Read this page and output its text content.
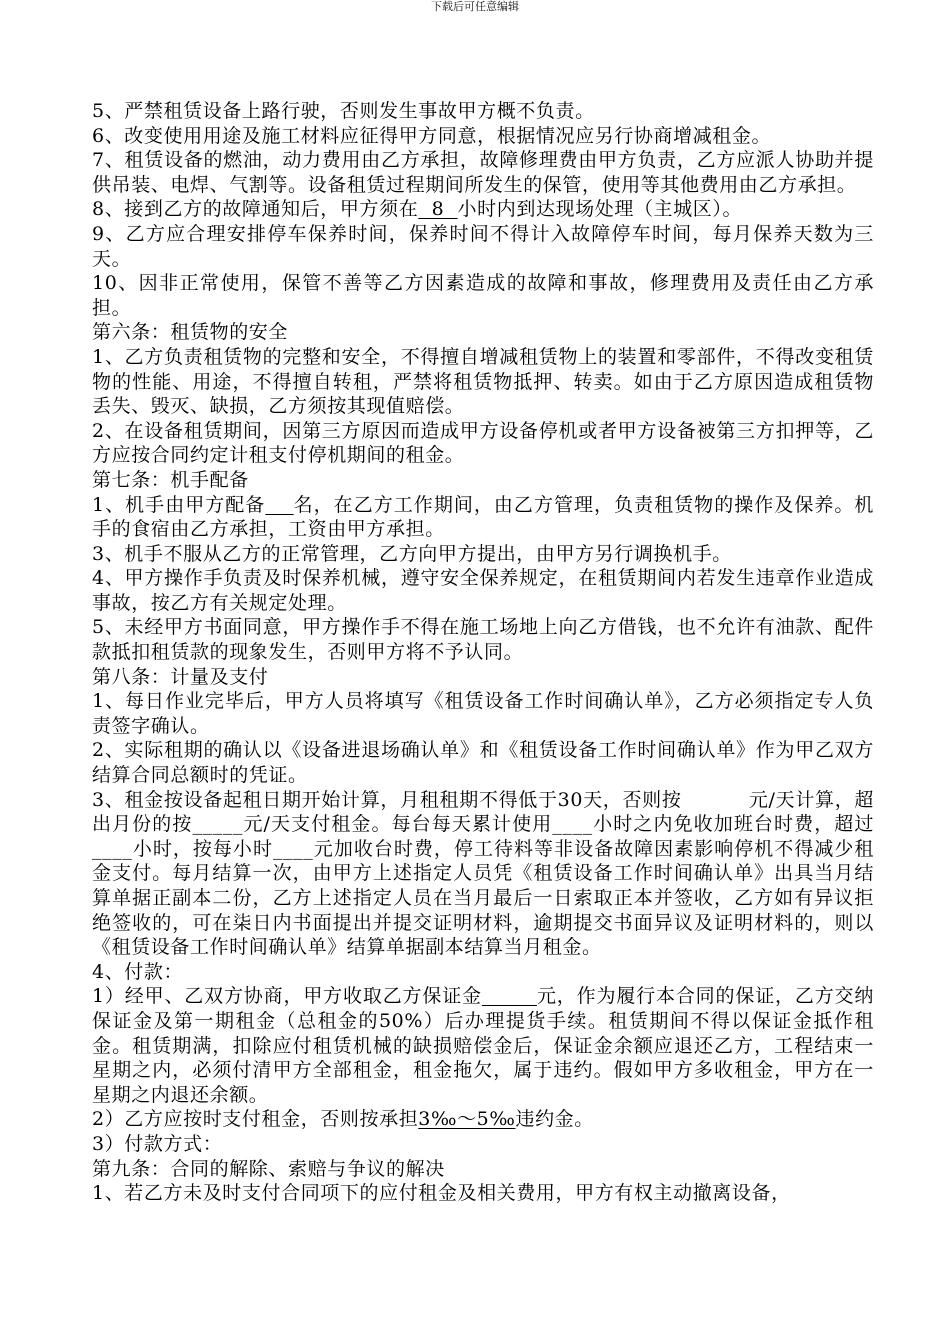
下载后可任意编辑

5、严禁租赁设备上路行驶，否则发生事故甲方概不负责。

6、改变使用用途及施工材料应征得甲方同意，根据情况应另行协商增减租金。

7、租赁设备的燃油，动力费用由乙方承担，故障修理费由甲方负责，乙方应派人协助并提供吊装、电焊、气割等。设备租赁过程期间所发生的保管，使用等其他费用由乙方承担。

8、接到乙方的故障通知后，甲方须在  8  小时内到达现场处理（主城区）。

9、乙方应合理安排停车保养时间，保养时间不得计入故障停车时间，每月保养天数为三天。

10、因非正常使用，保管不善等乙方因素造成的故障和事故，修理费用及责任由乙方承担。

第六条：租赁物的安全

1、乙方负责租赁物的完整和安全，不得擅自增减租赁物上的装置和零部件，不得改变租赁物的性能、用途，不得擅自转租，严禁将租赁物抵押、转卖。如由于乙方原因造成租赁物丢失、毁灭、缺损，乙方须按其现值赔偿。

2、在设备租赁期间，因第三方原因而造成甲方设备停机或者甲方设备被第三方扣押等，乙方应按合同约定计租支付停机期间的租金。

第七条：机手配备

1、机手由甲方配备 名，在乙方工作期间，由乙方管理，负责租赁物的操作及保养。机手的食宿由乙方承担，工资由甲方承担。

3、机手不服从乙方的正常管理，乙方向甲方提出，由甲方另行调换机手。

4、甲方操作手负责及时保养机械，遵守安全保养规定，在租赁期间内若发生违章作业造成事故，按乙方有关规定处理。

5、未经甲方书面同意，甲方操作手不得在施工场地上向乙方借钱，也不允许有油款、配件款抵扣租赁款的现象发生，否则甲方将不予认同。

第八条：计量及支付

1、每日作业完毕后，甲方人员将填写《租赁设备工作时间确认单》，乙方必须指定专人负责签字确认。

2、实际租期的确认以《设备进退场确认单》和《租赁设备工作时间确认单》作为甲乙双方结算合同总额时的凭证。

3、租金按设备起租日期开始计算，月租租期不得低于30天，否则按          元/天计算，超出月份的按_____元/天支付租金。每台每天累计使用____小时之内免收加班台时费，超过____小时，按每小时____元加收台时费，停工待料等非设备故障因素影响停机不得减少租金支付。每月结算一次，由甲方上述指定人员凭《租赁设备工作时间确认单》出具当月结算单据正副本二份，乙方上述指定人员在当月最后一日索取正本并签收，乙方如有异议拒绝签收的，可在柒日内书面提出并提交证明材料，逾期提交书面异议及证明材料的，则以《租赁设备工作时间确认单》结算单据副本结算当月租金。

4、付款：

1）经甲、乙双方协商，甲方收取乙方保证金	元，作为履行本合同的保证，乙方交纳保证金及第一期租金（总租金的50%）后办理提货手续。租赁期间不得以保证金抵作租金。租赁期满，扣除应付租赁机械的缺损赔偿金后，保证金余额应退还乙方，工程结束一星期之内，必须付清甲方全部租金，租金拖欠，属于违约。假如甲方多收租金，甲方在一星期之内退还余额。

2）乙方应按时支付租金，否则按承担3‰～5‰违约金。

3）付款方式：

第九条：合同的解除、索赔与争议的解决

1、若乙方未及时支付合同项下的应付租金及相关费用，甲方有权主动撤离设备，
